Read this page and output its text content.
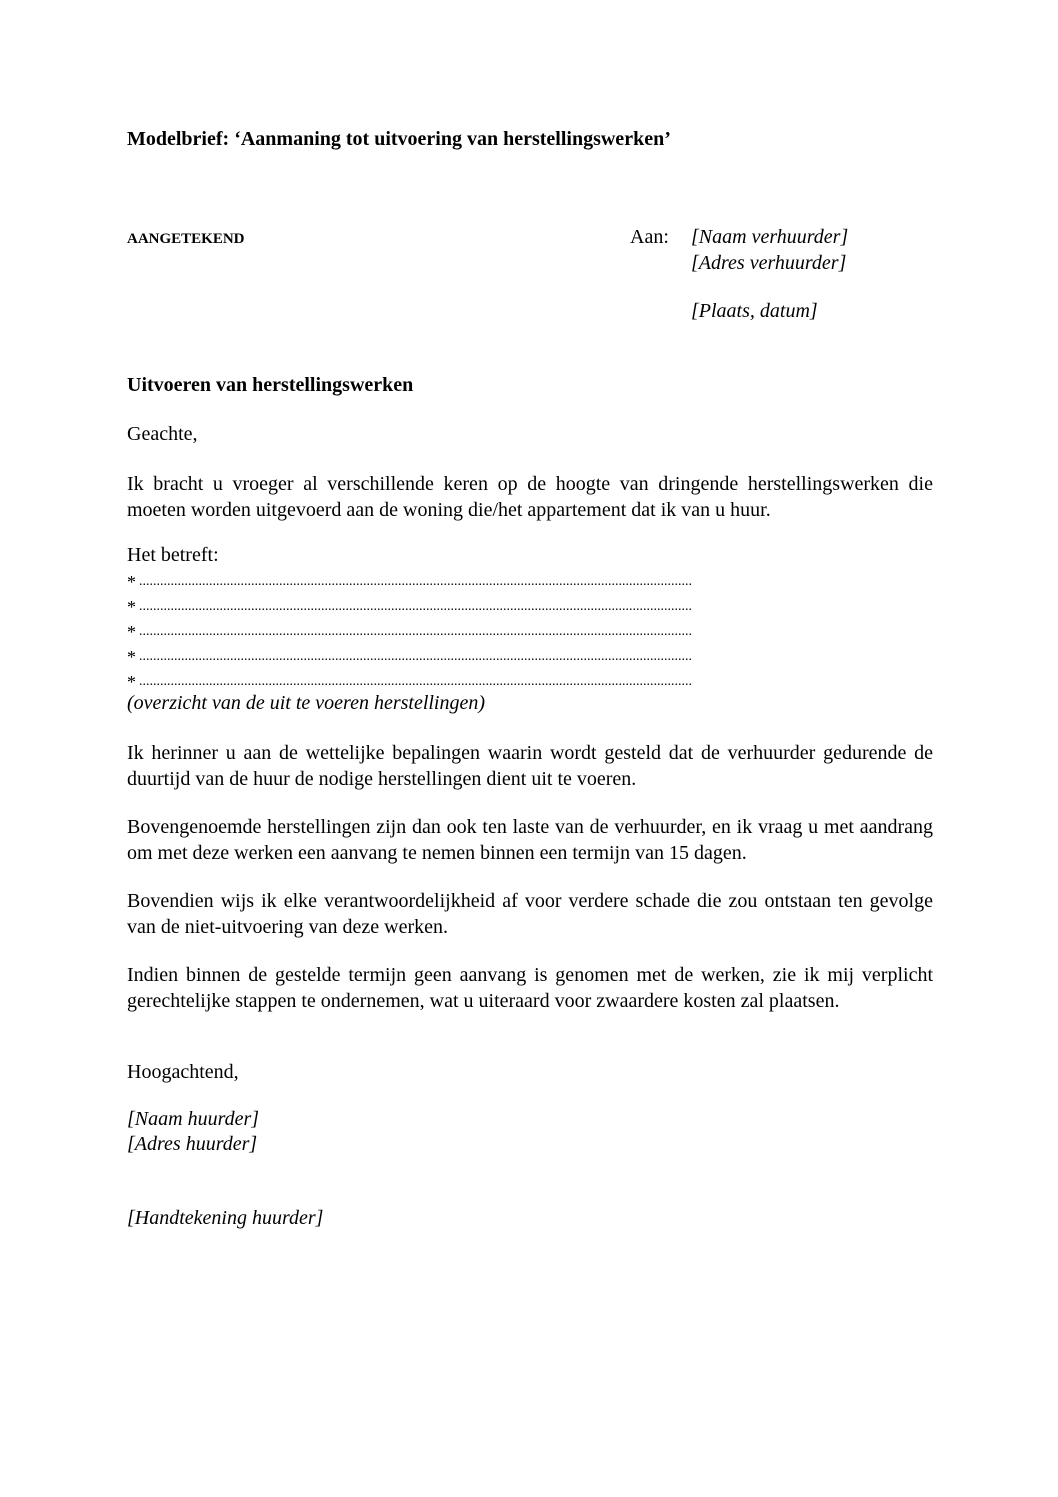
Modelbrief: ‘Aanmaning tot uitvoering van herstellingswerken’
AANGETEKEND	Aan: [Naam verhuurder]
[Adres verhuurder]
[Plaats, datum]
Uitvoeren van herstellingswerken
Geachte,
Ik bracht u vroeger al verschillende keren op de hoogte van dringende herstellingswerken die moeten worden uitgevoerd aan de woning die/het appartement dat ik van u huur.
Het betreft:
* ..............................................................................................................................................................
* ..............................................................................................................................................................
* ..............................................................................................................................................................
* ..............................................................................................................................................................
* ..............................................................................................................................................................
(overzicht van de uit te voeren herstellingen)
Ik herinner u aan de wettelijke bepalingen waarin wordt gesteld dat de verhuurder gedurende de duurtijd van de huur de nodige herstellingen dient uit te voeren.
Bovengenoemde herstellingen zijn dan ook ten laste van de verhuurder, en ik vraag u met aandrang om met deze werken een aanvang te nemen binnen een termijn van 15 dagen.
Bovendien wijs ik elke verantwoordelijkheid af voor verdere schade die zou ontstaan ten gevolge van de niet-uitvoering van deze werken.
Indien binnen de gestelde termijn geen aanvang is genomen met de werken, zie ik mij verplicht gerechtelijke stappen te ondernemen, wat u uiteraard voor zwaardere kosten zal plaatsen.
Hoogachtend,
[Naam huurder]
[Adres huurder]
[Handtekening huurder]
